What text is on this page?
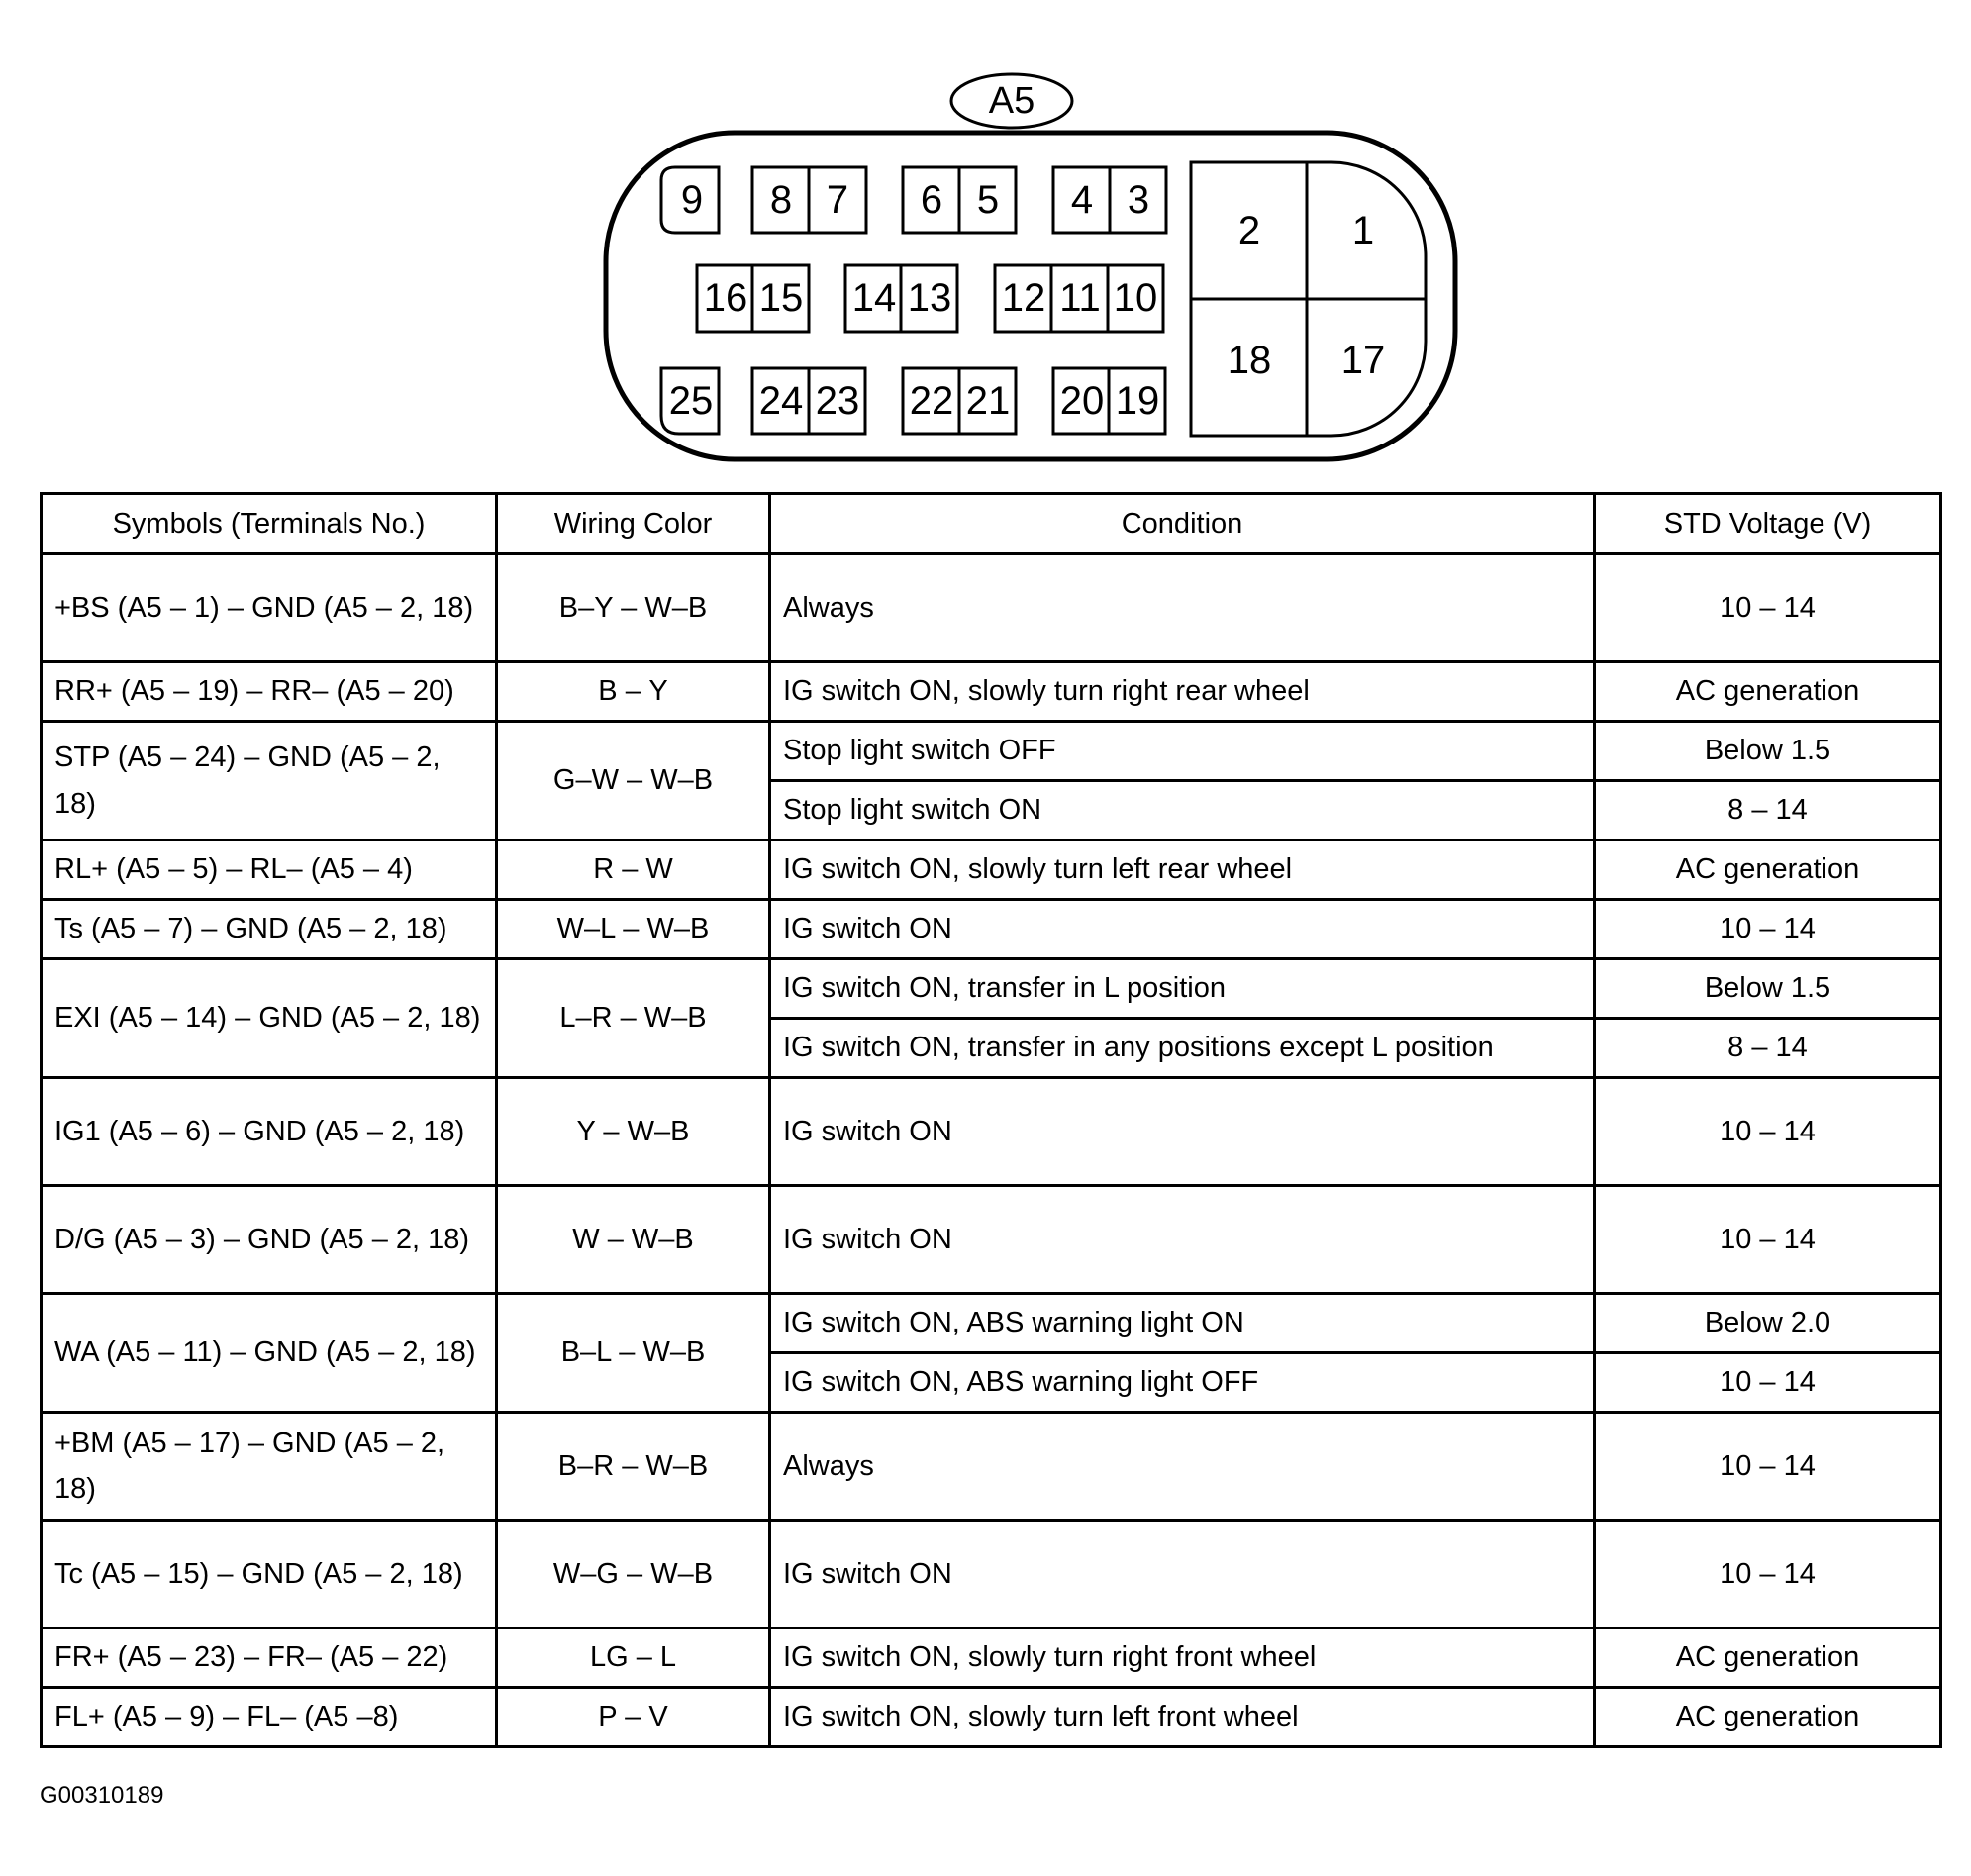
A5
9 8 7 6 5 4 3
16 15 14 13 12 11 10
25 24 23 22 21 20 19
2 1
18 17
Symbols (Terminals No.)	Wiring Color	Condition	STD Voltage (V)
+BS (A5 – 1) – GND (A5 – 2, 18)	B–Y – W–B	Always	10 – 14
RR+ (A5 – 19) – RR– (A5 – 20)	B – Y	IG switch ON, slowly turn right rear wheel	AC generation
STP (A5 – 24) – GND (A5 – 2, 18)	G–W – W–B	Stop light switch OFF	Below 1.5
		Stop light switch ON	8 – 14
RL+ (A5 – 5) – RL– (A5 – 4)	R – W	IG switch ON, slowly turn left rear wheel	AC generation
Ts (A5 – 7) – GND (A5 – 2, 18)	W–L – W–B	IG switch ON	10 – 14
EXI (A5 – 14) – GND (A5 – 2, 18)	L–R – W–B	IG switch ON, transfer in L position	Below 1.5
		IG switch ON, transfer in any positions except L position	8 – 14
IG1 (A5 – 6) – GND (A5 – 2, 18)	Y – W–B	IG switch ON	10 – 14
D/G (A5 – 3) – GND (A5 – 2, 18)	W – W–B	IG switch ON	10 – 14
WA (A5 – 11) – GND (A5 – 2, 18)	B–L – W–B	IG switch ON, ABS warning light ON	Below 2.0
		IG switch ON, ABS warning light OFF	10 – 14
+BM (A5 – 17) – GND (A5 – 2, 18)	B–R – W–B	Always	10 – 14
Tc (A5 – 15) – GND (A5 – 2, 18)	W–G – W–B	IG switch ON	10 – 14
FR+ (A5 – 23) – FR– (A5 – 22)	LG – L	IG switch ON, slowly turn right front wheel	AC generation
FL+ (A5 – 9) – FL– (A5 –8)	P – V	IG switch ON, slowly turn left front wheel	AC generation
G00310189
